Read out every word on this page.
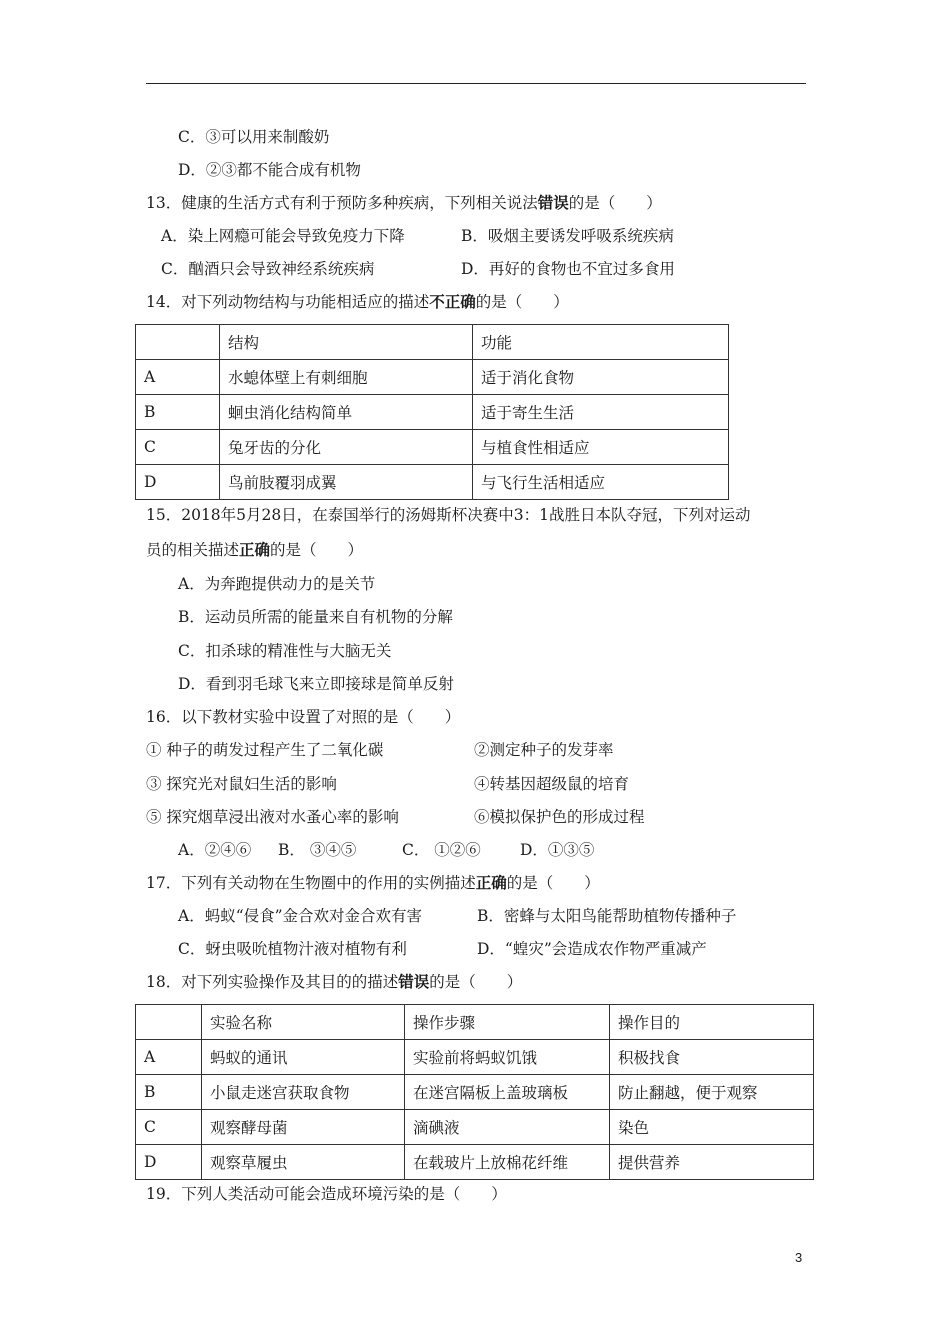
C．③可以用来制酸奶
D．②③都不能合成有机物
13．健康的生活方式有利于预防多种疾病，下列相关说法错误的是（　　）
A．染上网瘾可能会导致免疫力下降	B．吸烟主要诱发呼吸系统疾病
C．酗酒只会导致神经系统疾病	D．再好的食物也不宜过多食用
14．对下列动物结构与功能相适应的描述不正确的是（　　）
	结构	功能
A	水螅体壁上有刺细胞	适于消化食物
B	蛔虫消化结构简单	适于寄生生活
C	兔牙齿的分化	与植食性相适应
D	鸟前肢覆羽成翼	与飞行生活相适应
15．2018年5月28日，在泰国举行的汤姆斯杯决赛中3：1战胜日本队夺冠，下列对运动
员的相关描述正确的是（　　）
A．为奔跑提供动力的是关节
B．运动员所需的能量来自有机物的分解
C．扣杀球的精准性与大脑无关
D．看到羽毛球飞来立即接球是简单反射
16．以下教材实验中设置了对照的是（　　）
① 种子的萌发过程产生了二氧化碳	②测定种子的发芽率
③ 探究光对鼠妇生活的影响	④转基因超级鼠的培育
⑤ 探究烟草浸出液对水蚤心率的影响	⑥模拟保护色的形成过程
A．②④⑥ B． ③④⑤	C． ①②⑥	D．①③⑤
17．下列有关动物在生物圈中的作用的实例描述正确的是（　　）
A．蚂蚁“侵食”金合欢对金合欢有害	B．密蜂与太阳鸟能帮助植物传播种子
C．蚜虫吸吮植物汁液对植物有利	D．“蝗灾”会造成农作物严重减产
18．对下列实验操作及其目的的描述错误的是（　　）
	实验名称	操作步骤	操作目的
A	蚂蚁的通讯	实验前将蚂蚁饥饿	积极找食
B	小鼠走迷宫获取食物	在迷宫隔板上盖玻璃板	防止翻越，便于观察
C	观察酵母菌	滴碘液	染色
D	观察草履虫	在载玻片上放棉花纤维	提供营养
19．下列人类活动可能会造成环境污染的是（　　）
3
